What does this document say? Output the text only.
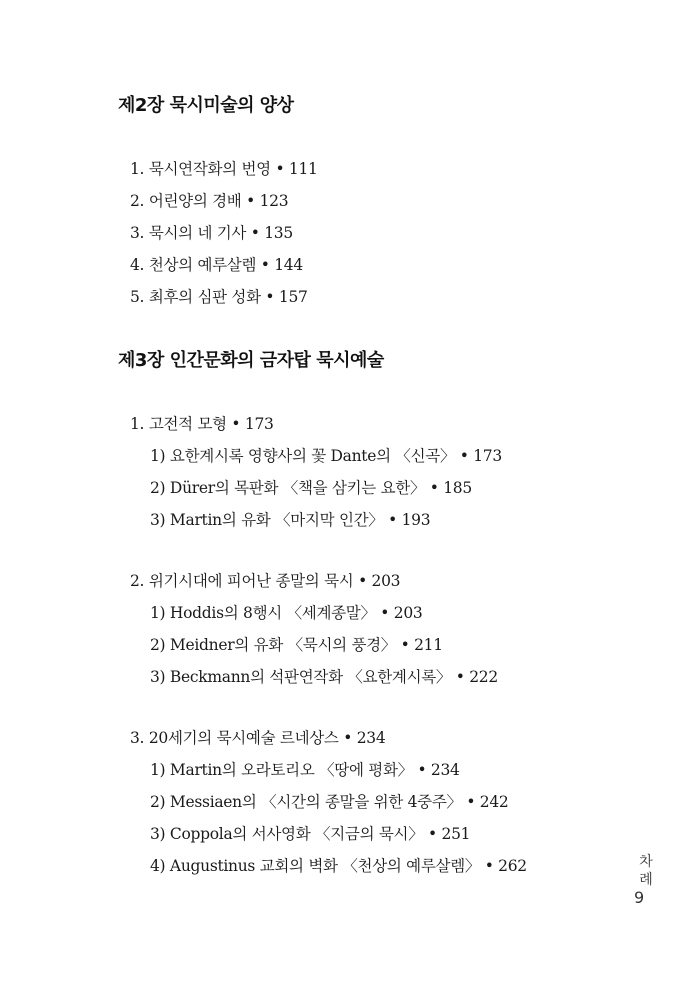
제2장 묵시미술의 양상
1. 묵시연작화의 번영 • 111
2. 어린양의 경배 • 123
3. 묵시의 네 기사 • 135
4. 천상의 예루살렘 • 144
5. 최후의 심판 성화 • 157
제3장 인간문화의 금자탑 묵시예술
1. 고전적 모형 • 173
1) 요한계시록 영향사의 꽃 Dante의 〈신곡〉 • 173
2) Dürer의 목판화 〈책을 삼키는 요한〉 • 185
3) Martin의 유화 〈마지막 인간〉 • 193
2. 위기시대에 피어난 종말의 묵시 • 203
1) Hoddis의 8행시 〈세계종말〉 • 203
2) Meidner의 유화 〈묵시의 풍경〉 • 211
3) Beckmann의 석판연작화 〈요한계시록〉 • 222
3. 20세기의 묵시예술 르네상스 • 234
1) Martin의 오라토리오 〈땅에 평화〉 • 234
2) Messiaen의 〈시간의 종말을 위한 4중주〉 • 242
3) Coppola의 서사영화 〈지금의 묵시〉 • 251
4) Augustinus 교회의 벽화 〈천상의 예루살렘〉 • 262	차
례
9
